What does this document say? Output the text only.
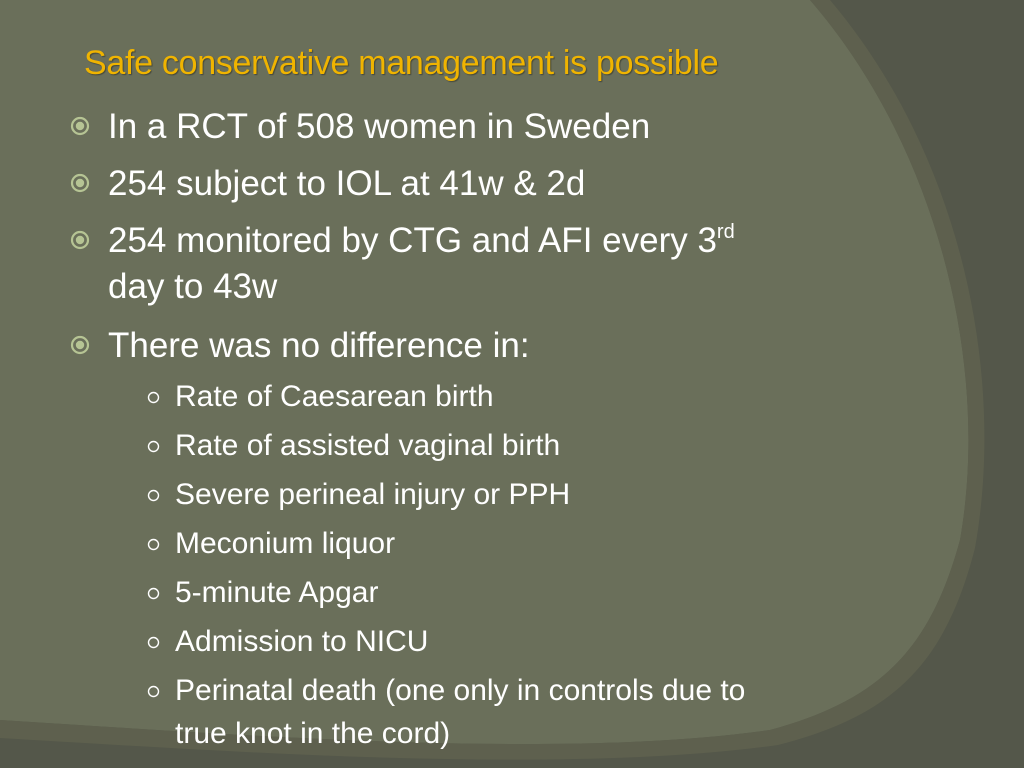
Safe conservative management is possible
In a RCT of 508 women in Sweden
254 subject to IOL at 41w & 2d
254 monitored by CTG and AFI every 3rd
day to 43w
There was no difference in:
Rate of Caesarean birth
Rate of assisted vaginal birth
Severe perineal injury or PPH
Meconium liquor
5-minute Apgar
Admission to NICU
Perinatal death (one only in controls due to
true knot in the cord)
